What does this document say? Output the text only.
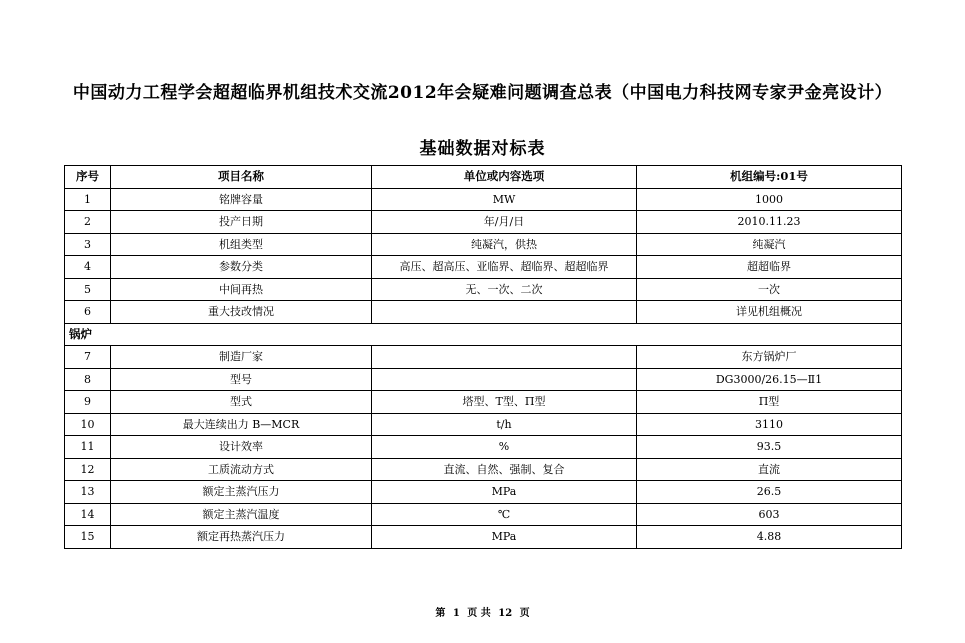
中国动力工程学会超超临界机组技术交流2012年会疑难问题调查总表（中国电力科技网专家尹金亮设计）
基础数据对标表
序号	项目名称	单位或内容选项	机组编号:01号
1	铭牌容量	MW	1000
2	投产日期	年/月/日	2010.11.23
3	机组类型	纯凝汽，供热	纯凝汽
4	参数分类	高压、超高压、亚临界、超临界、超超临界	超超临界
5	中间再热	无、一次、二次	一次
6	重大技改情况		详见机组概况
锅炉			
7	制造厂家		东方锅炉厂
8	型号		DG3000/26.15—Ⅱ1
9	型式	塔型、T型、Π型	Π型
10	最大连续出力 B—MCR	t/h	3110
11	设计效率	%	93.5
12	工质流动方式	直流、自然、强制、复合	直流
13	额定主蒸汽压力	MPa	26.5
14	额定主蒸汽温度	℃	603
15	额定再热蒸汽压力	MPa	4.88
第 1 页 共 12 页
